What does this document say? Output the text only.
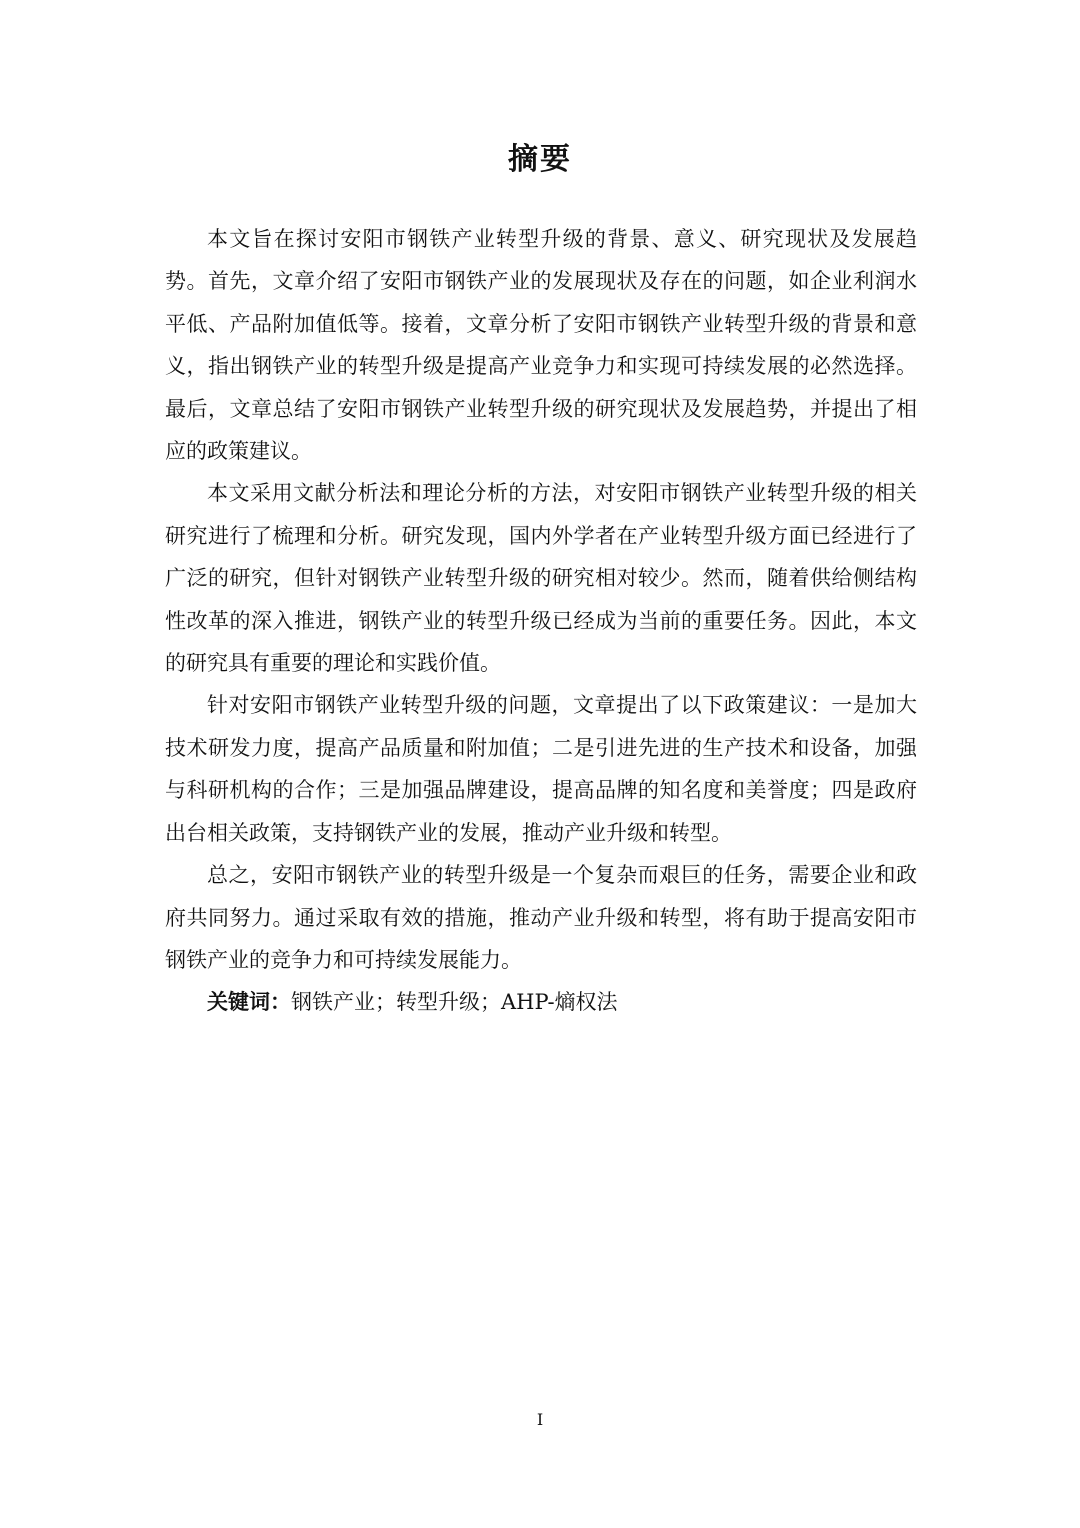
摘要

本文旨在探讨安阳市钢铁产业转型升级的背景、意义、研究现状及发展趋势。首先，文章介绍了安阳市钢铁产业的发展现状及存在的问题，如企业利润水平低、产品附加值低等。接着，文章分析了安阳市钢铁产业转型升级的背景和意义，指出钢铁产业的转型升级是提高产业竞争力和实现可持续发展的必然选择。最后，文章总结了安阳市钢铁产业转型升级的研究现状及发展趋势，并提出了相应的政策建议。

本文采用文献分析法和理论分析的方法，对安阳市钢铁产业转型升级的相关研究进行了梳理和分析。研究发现，国内外学者在产业转型升级方面已经进行了广泛的研究，但针对钢铁产业转型升级的研究相对较少。然而，随着供给侧结构性改革的深入推进，钢铁产业的转型升级已经成为当前的重要任务。因此，本文的研究具有重要的理论和实践价值。

针对安阳市钢铁产业转型升级的问题，文章提出了以下政策建议：一是加大技术研发力度，提高产品质量和附加值；二是引进先进的生产技术和设备，加强与科研机构的合作；三是加强品牌建设，提高品牌的知名度和美誉度；四是政府出台相关政策，支持钢铁产业的发展，推动产业升级和转型。

总之，安阳市钢铁产业的转型升级是一个复杂而艰巨的任务，需要企业和政府共同努力。通过采取有效的措施，推动产业升级和转型，将有助于提高安阳市钢铁产业的竞争力和可持续发展能力。

关键词：钢铁产业；转型升级；AHP-熵权法

I
